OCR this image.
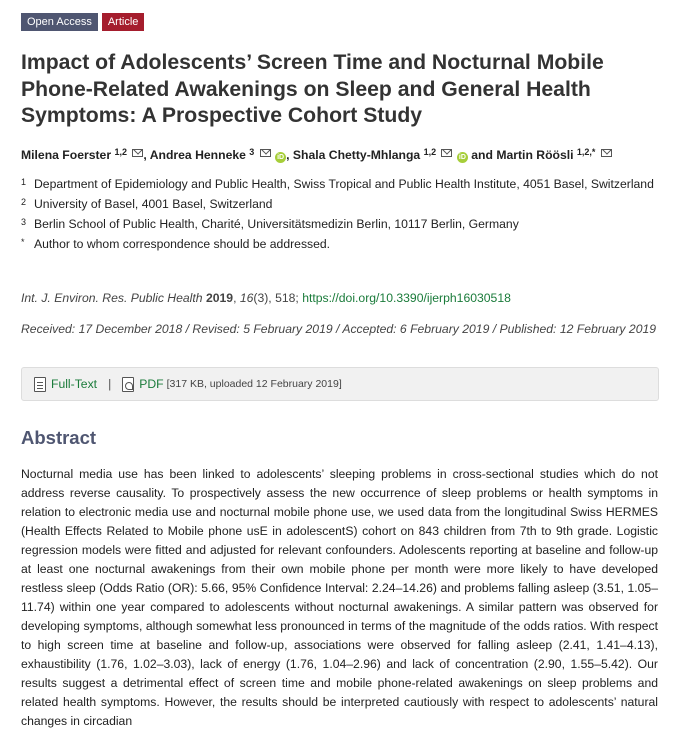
Open Access	Article
Impact of Adolescents’ Screen Time and Nocturnal Mobile Phone-Related Awakenings on Sleep and General Health Symptoms: A Prospective Cohort Study
Milena Foerster $^{1,2}$ , Andrea Henneke $^3$  iD , Shala Chetty-Mhlanga $^{1,2}$  iD and Martin Röösli $^{1,2,*}$
1 Department of Epidemiology and Public Health, Swiss Tropical and Public Health Institute, 4051 Basel, Switzerland
2 University of Basel, 4001 Basel, Switzerland
3 Berlin School of Public Health, Charité, Universitätsmedizin Berlin, 10117 Berlin, Germany
* Author to whom correspondence should be addressed.
Int. J. Environ. Res. Public Health 2019, 16(3), 518; https://doi.org/10.3390/ijerph16030518
Received: 17 December 2018 / Revised: 5 February 2019 / Accepted: 6 February 2019 / Published: 12 February 2019
Full-Text | PDF [317 KB, uploaded 12 February 2019]
Abstract
Nocturnal media use has been linked to adolescents’ sleeping problems in cross-sectional studies which do not address reverse causality. To prospectively assess the new occurrence of sleep problems or health symptoms in relation to electronic media use and nocturnal mobile phone use, we used data from the longitudinal Swiss HERMES (Health Effects Related to Mobile phone usE in adolescentS) cohort on 843 children from 7th to 9th grade. Logistic regression models were fitted and adjusted for relevant confounders. Adolescents reporting at baseline and follow-up at least one nocturnal awakenings from their own mobile phone per month were more likely to have developed restless sleep (Odds Ratio (OR): 5.66, 95% Confidence Interval: 2.24–14.26) and problems falling asleep (3.51, 1.05–11.74) within one year compared to adolescents without nocturnal awakenings. A similar pattern was observed for developing symptoms, although somewhat less pronounced in terms of the magnitude of the odds ratios. With respect to high screen time at baseline and follow-up, associations were observed for falling asleep (2.41, 1.41–4.13), exhaustibility (1.76, 1.02–3.03), lack of energy (1.76, 1.04–2.96) and lack of concentration (2.90, 1.55–5.42). Our results suggest a detrimental effect of screen time and mobile phone-related awakenings on sleep problems and related health symptoms. However, the results should be interpreted cautiously with respect to adolescents’ natural changes in circadian
